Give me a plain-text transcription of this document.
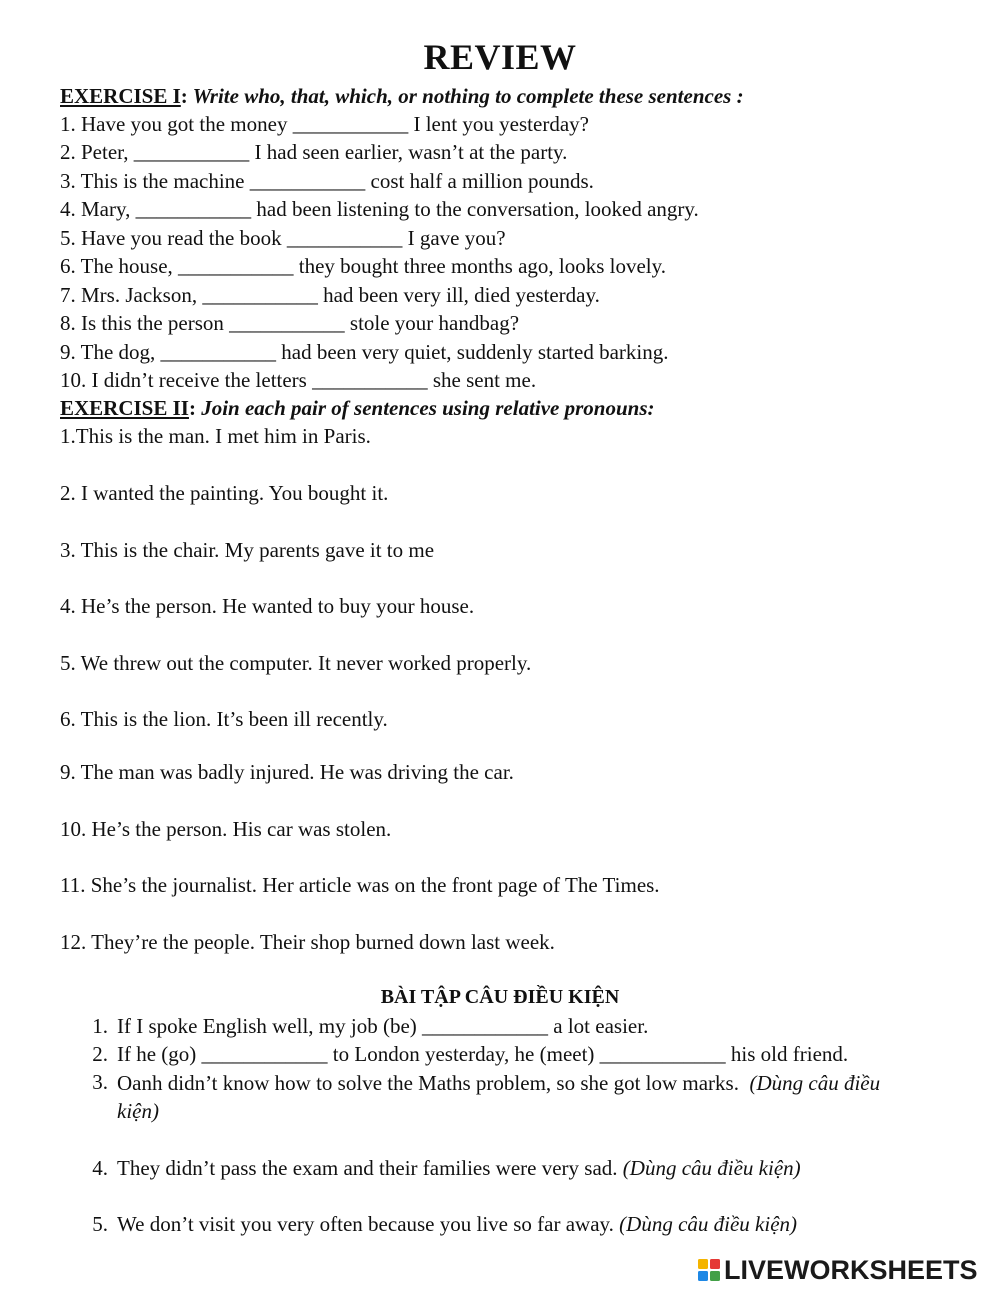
REVIEW
EXERCISE I: Write who, that, which, or nothing to complete these sentences :
1. Have you got the money ___________ I lent you yesterday?
2. Peter, ___________ I had seen earlier, wasn’t at the party.
3. This is the machine ___________ cost half a million pounds.
4. Mary, ___________ had been listening to the conversation, looked angry.
5. Have you read the book ___________ I gave you?
6. The house, ___________ they bought three months ago, looks lovely.
7. Mrs. Jackson, ___________ had been very ill, died yesterday.
8. Is this the person ___________ stole your handbag?
9. The dog, ___________ had been very quiet, suddenly started barking.
10. I didn’t receive the letters ___________ she sent me.
EXERCISE II: Join each pair of sentences using relative pronouns:
1.This is the man. I met him in Paris.
2. I wanted the painting. You bought it.
3. This is the chair. My parents gave it to me
4. He’s the person. He wanted to buy your house.
5. We threw out the computer. It never worked properly.
6. This is the lion. It’s been ill recently.
9. The man was badly injured. He was driving the car.
10. He’s the person. His car was stolen.
11. She’s the journalist. Her article was on the front page of The Times.
12. They’re the people. Their shop burned down last week.
BÀI TẬP CÂU ĐIỀU KIỆN
1. If I spoke English well, my job (be) ____________ a lot easier.
2. If he (go) ____________ to London yesterday, he (meet) ____________ his old friend.
3. Oanh didn’t know how to solve the Maths problem, so she got low marks. (Dùng câu điều kiện)
4. They didn’t pass the exam and their families were very sad. (Dùng câu điều kiện)
5. We don’t visit you very often because you live so far away. (Dùng câu điều kiện)
LIVEWORKSHEETS
